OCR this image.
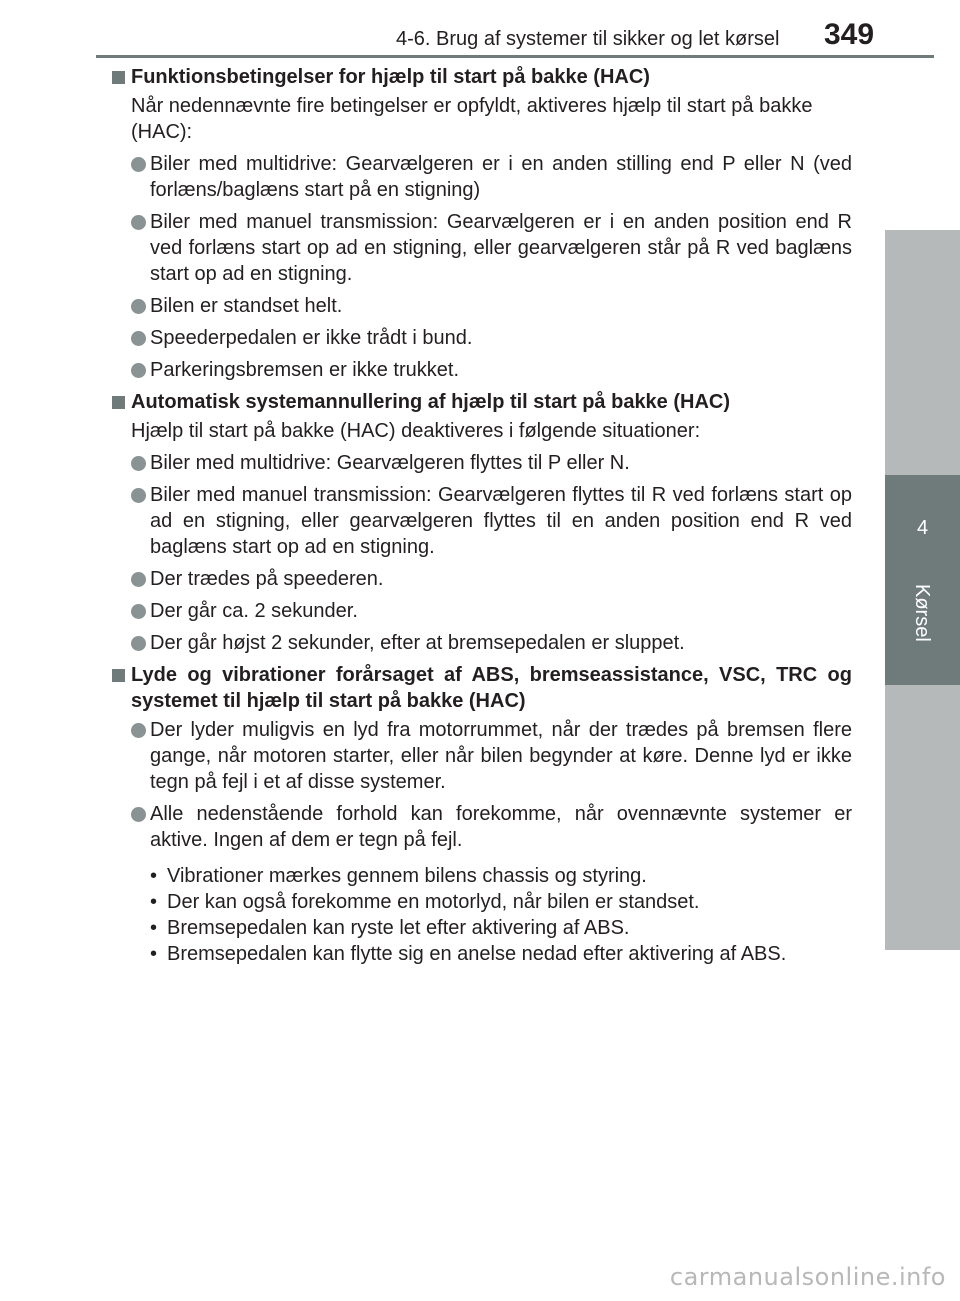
4-6. Brug af systemer til sikker og let kørsel 349
4
Kørsel
Funktionsbetingelser for hjælp til start på bakke (HAC)
Når nedennævnte fire betingelser er opfyldt, aktiveres hjælp til start på bakke (HAC):
Biler med multidrive: Gearvælgeren er i en anden stilling end P eller N (ved forlæns/baglæns start på en stigning)
Biler med manuel transmission: Gearvælgeren er i en anden position end R ved forlæns start op ad en stigning, eller gearvælgeren står på R ved baglæns start op ad en stigning.
Bilen er standset helt.
Speederpedalen er ikke trådt i bund.
Parkeringsbremsen er ikke trukket.
Automatisk systemannullering af hjælp til start på bakke (HAC)
Hjælp til start på bakke (HAC) deaktiveres i følgende situationer:
Biler med multidrive: Gearvælgeren flyttes til P eller N.
Biler med manuel transmission: Gearvælgeren flyttes til R ved forlæns start op ad en stigning, eller gearvælgeren flyttes til en anden position end R ved baglæns start op ad en stigning.
Der trædes på speederen.
Der går ca. 2 sekunder.
Der går højst 2 sekunder, efter at bremsepedalen er sluppet.
Lyde og vibrationer forårsaget af ABS, bremseassistance, VSC, TRC og systemet til hjælp til start på bakke (HAC)
Der lyder muligvis en lyd fra motorrummet, når der trædes på bremsen flere gange, når motoren starter, eller når bilen begynder at køre. Denne lyd er ikke tegn på fejl i et af disse systemer.
Alle nedenstående forhold kan forekomme, når ovennævnte systemer er aktive. Ingen af dem er tegn på fejl.
• Vibrationer mærkes gennem bilens chassis og styring.
• Der kan også forekomme en motorlyd, når bilen er standset.
• Bremsepedalen kan ryste let efter aktivering af ABS.
• Bremsepedalen kan flytte sig en anelse nedad efter aktivering af ABS.
carmanualsonline.info
